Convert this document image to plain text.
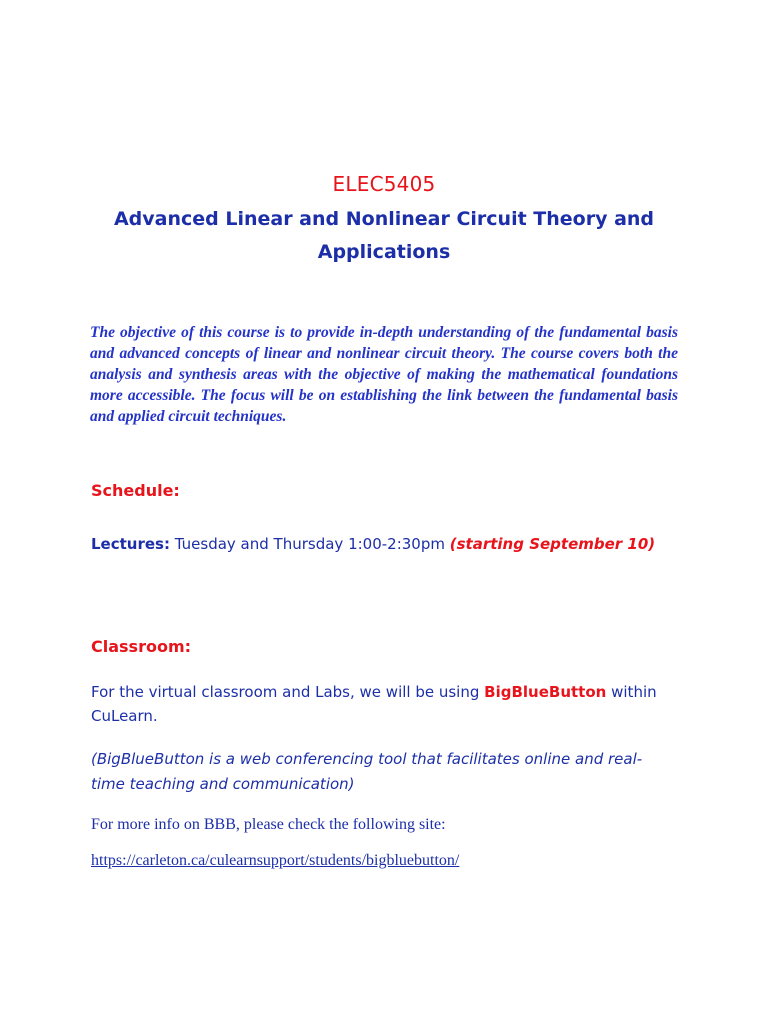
ELEC5405
Advanced Linear and Nonlinear Circuit Theory and Applications
The objective of this course is to provide in-depth understanding of the fundamental basis and advanced concepts of linear and nonlinear circuit theory. The course covers both the analysis and synthesis areas with the objective of making the mathematical foundations more accessible. The focus will be on establishing the link between the fundamental basis and applied circuit techniques.
Schedule:
Lectures: Tuesday and Thursday 1:00-2:30pm (starting September 10)
Classroom:
For the virtual classroom and Labs, we will be using BigBlueButton within CuLearn.
(BigBlueButton is a web conferencing tool that facilitates online and real-time teaching and communication)
For more info on BBB, please check the following site:
https://carleton.ca/culearnsupport/students/bigbluebutton/
